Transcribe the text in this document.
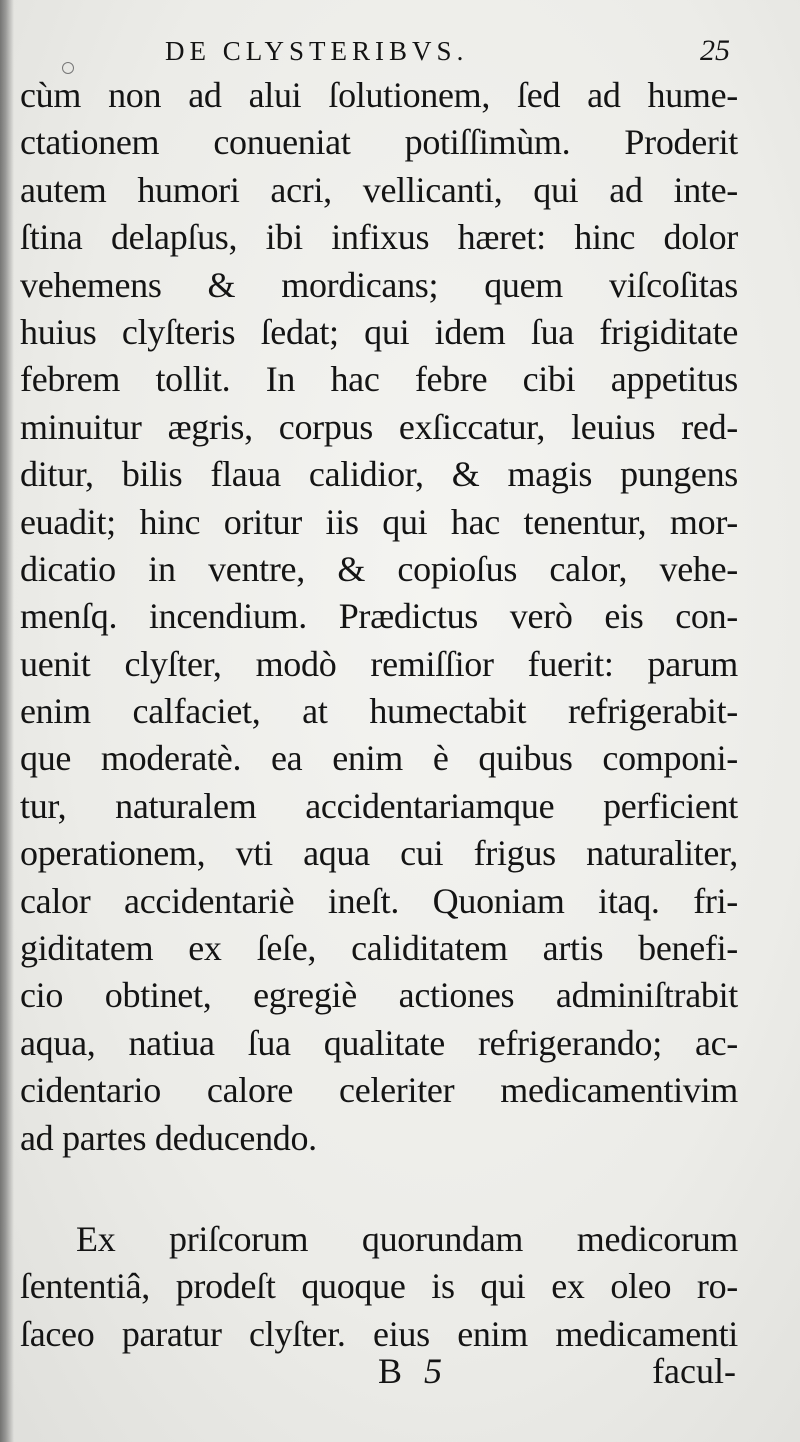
DE CLYSTERIBVS.	25
cùm non ad alui ſolutionem, ſed ad hume-
ctationem conueniat potiſſimùm. Proderit
autem humori acri, vellicanti, qui ad inte-
ſtina delapſus, ibi infixus hæret: hinc dolor
vehemens & mordicans; quem viſcoſitas
huius clyſteris ſedat; qui idem ſua frigiditate
febrem tollit. In hac febre cibi appetitus
minuitur ægris, corpus exſiccatur, leuius red-
ditur, bilis flaua calidior, & magis pungens
euadit; hinc oritur iis qui hac tenentur, mor-
dicatio in ventre, & copioſus calor, vehe-
menſq. incendium. Prædictus verò eis con-
uenit clyſter, modò remiſſior fuerit: parum
enim calfaciet, at humectabit refrigerabit-
que moderatè. ea enim è quibus componi-
tur, naturalem accidentariamque perficient
operationem, vti aqua cui frigus naturaliter,
calor accidentariè ineſt. Quoniam itaq. fri-
giditatem ex ſeſe, caliditatem artis benefi-
cio obtinet, egregiè actiones adminiſtrabit
aqua, natiua ſua qualitate refrigerando; ac-
cidentario calore celeriter medicamentivim
ad partes deducendo.
Ex priſcorum quorundam medicorum
ſententiâ, prodeſt quoque is qui ex oleo ro-
ſaceo paratur clyſter. eius enim medicamenti
B 5	facul-
